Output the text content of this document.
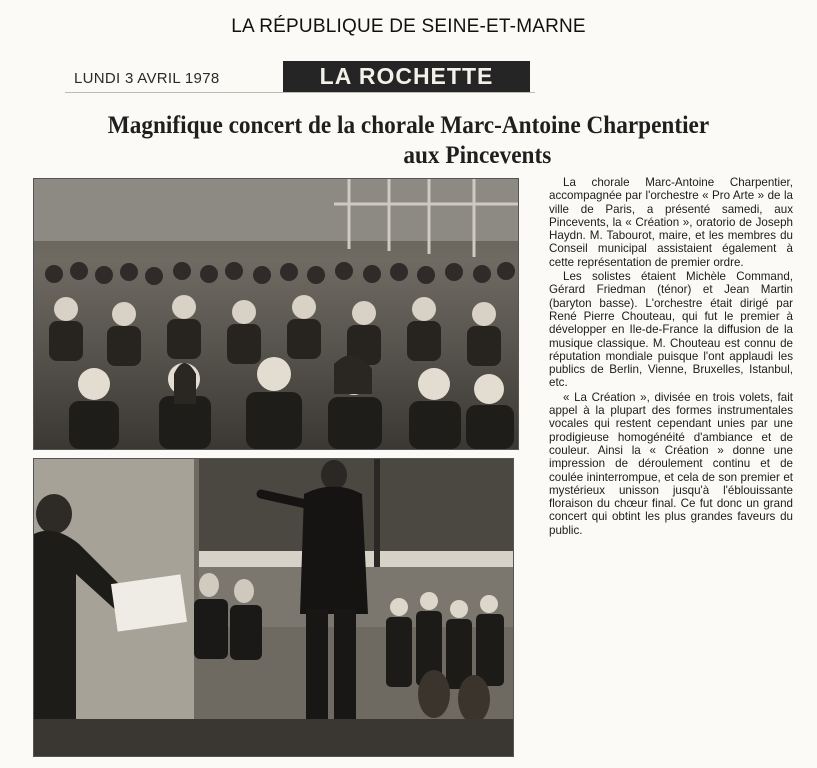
LA RÉPUBLIQUE DE SEINE-ET-MARNE
LUNDI 3 AVRIL 1978	LA ROCHETTE
Magnifique concert de la chorale Marc-Antoine Charpentier
aux Pincevents

La chorale Marc-Antoine Charpentier, accompagnée par l'orchestre « Pro Arte » de la ville de Paris, a présenté samedi, aux Pincevents, la « Création », oratorio de Joseph Haydn. M. Tabourot, maire, et les membres du Conseil municipal assistaient également à cette représentation de premier ordre.

Les solistes étaient Michèle Command, Gérard Friedman (ténor) et Jean Martin (baryton basse). L'orchestre était dirigé par René Pierre Chouteau, qui fut le premier à développer en Ile-de-France la diffusion de la musique classique. M. Chouteau est connu de réputation mondiale puisque l'ont applaudi les publics de Berlin, Vienne, Bruxelles, Istanbul, etc.

« La Création », divisée en trois volets, fait appel à la plupart des formes instrumentales vocales qui restent cependant unies par une prodigieuse homogénéité d'ambiance et de couleur. Ainsi la « Création » donne une impression de déroulement continu et de coulée ininterrompue, et cela de son premier et mystérieux unisson jusqu'à l'éblouissante floraison du chœur final. Ce fut donc un grand concert qui obtint les plus grandes faveurs du public.
